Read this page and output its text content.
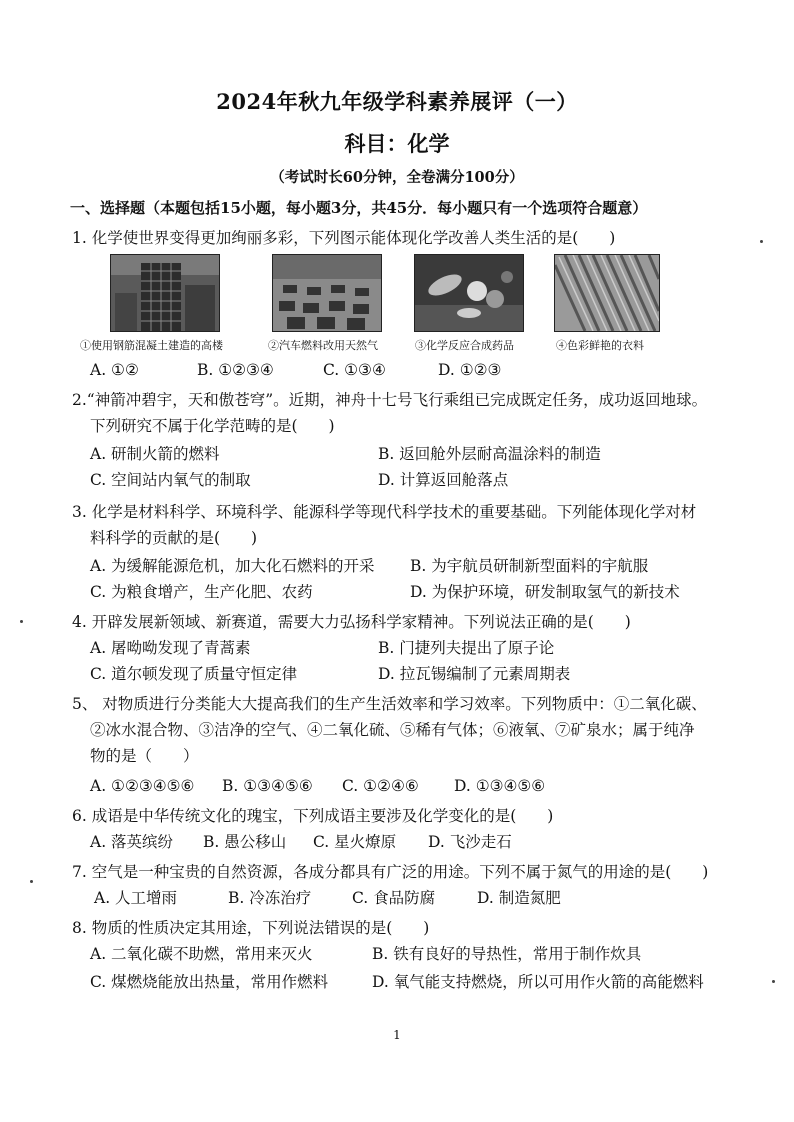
2024年秋九年级学科素养展评（一）
科目：化学
（考试时长60分钟，全卷满分100分）
一、选择题（本题包括15小题，每小题3分，共45分．每小题只有一个选项符合题意）
1. 化学使世界变得更加绚丽多彩，下列图示能体现化学改善人类生活的是(　　)
①使用钢筋混凝土建造的高楼	②汽车燃料改用天然气	③化学反应合成药品	④色彩鲜艳的衣料
A. ①②	B. ①②③④	C. ①③④	D. ①②③
2.“神箭冲碧宇，天和傲苍穹”。近期，神舟十七号飞行乘组已完成既定任务，成功返回地球。
下列研究不属于化学范畴的是(　　)
A. 研制火箭的燃料	B. 返回舱外层耐高温涂料的制造
C. 空间站内氧气的制取	D. 计算返回舱落点
3. 化学是材料科学、环境科学、能源科学等现代科学技术的重要基础。下列能体现化学对材
料科学的贡献的是(　　)
A. 为缓解能源危机，加大化石燃料的开采 B. 为宇航员研制新型面料的宇航服
C. 为粮食增产，生产化肥、农药	D. 为保护环境，研发制取氢气的新技术
4. 开辟发展新领域、新赛道，需要大力弘扬科学家精神。下列说法正确的是(　　)
A. 屠呦呦发现了青蒿素	B. 门捷列夫提出了原子论
C. 道尔顿发现了质量守恒定律	D. 拉瓦锡编制了元素周期表
5、 对物质进行分类能大大提高我们的生产生活效率和学习效率。下列物质中：①二氧化碳、
②冰水混合物、③洁净的空气、④二氧化硫、⑤稀有气体；⑥液氧、⑦矿泉水；属于纯净
物的是（　　）
A. ①②③④⑤⑥ B. ①③④⑤⑥ C. ①②④⑥ D. ①③④⑤⑥
6. 成语是中华传统文化的瑰宝，下列成语主要涉及化学变化的是(　　)
A. 落英缤纷 B. 愚公移山 C. 星火燎原 D. 飞沙走石
7. 空气是一种宝贵的自然资源，各成分都具有广泛的用途。下列不属于氮气的用途的是(　　)
A. 人工增雨	B. 冷冻治疗	C. 食品防腐	D. 制造氮肥
8. 物质的性质决定其用途，下列说法错误的是(　　)
A. 二氧化碳不助燃，常用来灭火	B. 铁有良好的导热性，常用于制作炊具
C. 煤燃烧能放出热量，常用作燃料	D. 氧气能支持燃烧，所以可用作火箭的高能燃料
1
